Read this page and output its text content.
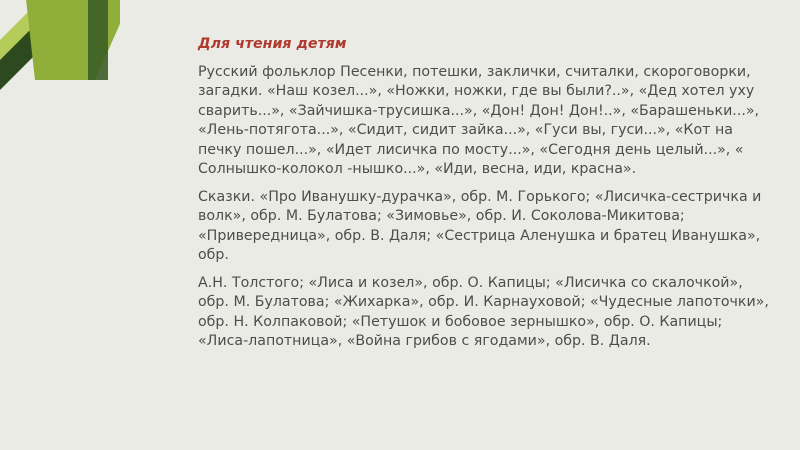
Для чтения детям
Русский фольклор Песенки, потешки, заклички, считалки, скороговорки, загадки. «Наш козел...», «Ножки, ножки, где вы были?..», «Дед хотел уху сварить...», «Зайчишка-трусишка...», «Дон! Дон! Дон!..», «Барашеньки...», «Лень-потягота...», «Сидит, сидит зайка...», «Гуси вы, гуси...», «Кот на печку пошел...», «Идет лисичка по мосту...», «Сегодня день целый...», « Солнышко-колокол -нышко...», «Иди, весна, иди, красна».
Сказки. «Про Иванушку-дурачка», обр. М. Горького; «Лисичка-сестричка и волк», обр. М. Булатова; «Зимовье», обр. И. Соколова-Микитова; «Привередница», обр. В. Даля; «Сестрица Аленушка и братец Иванушка», обр.
А.Н. Толстого; «Лиса и козел», обр. О. Капицы; «Лисичка со скалочкой», обр. М. Булатова; «Жихарка», обр. И. Карнауховой; «Чудесные лапоточки», обр. Н. Колпаковой; «Петушок и бобовое зернышко», обр. О. Капицы; «Лиса-лапотница», «Война грибов с ягодами», обр. В. Даля.
